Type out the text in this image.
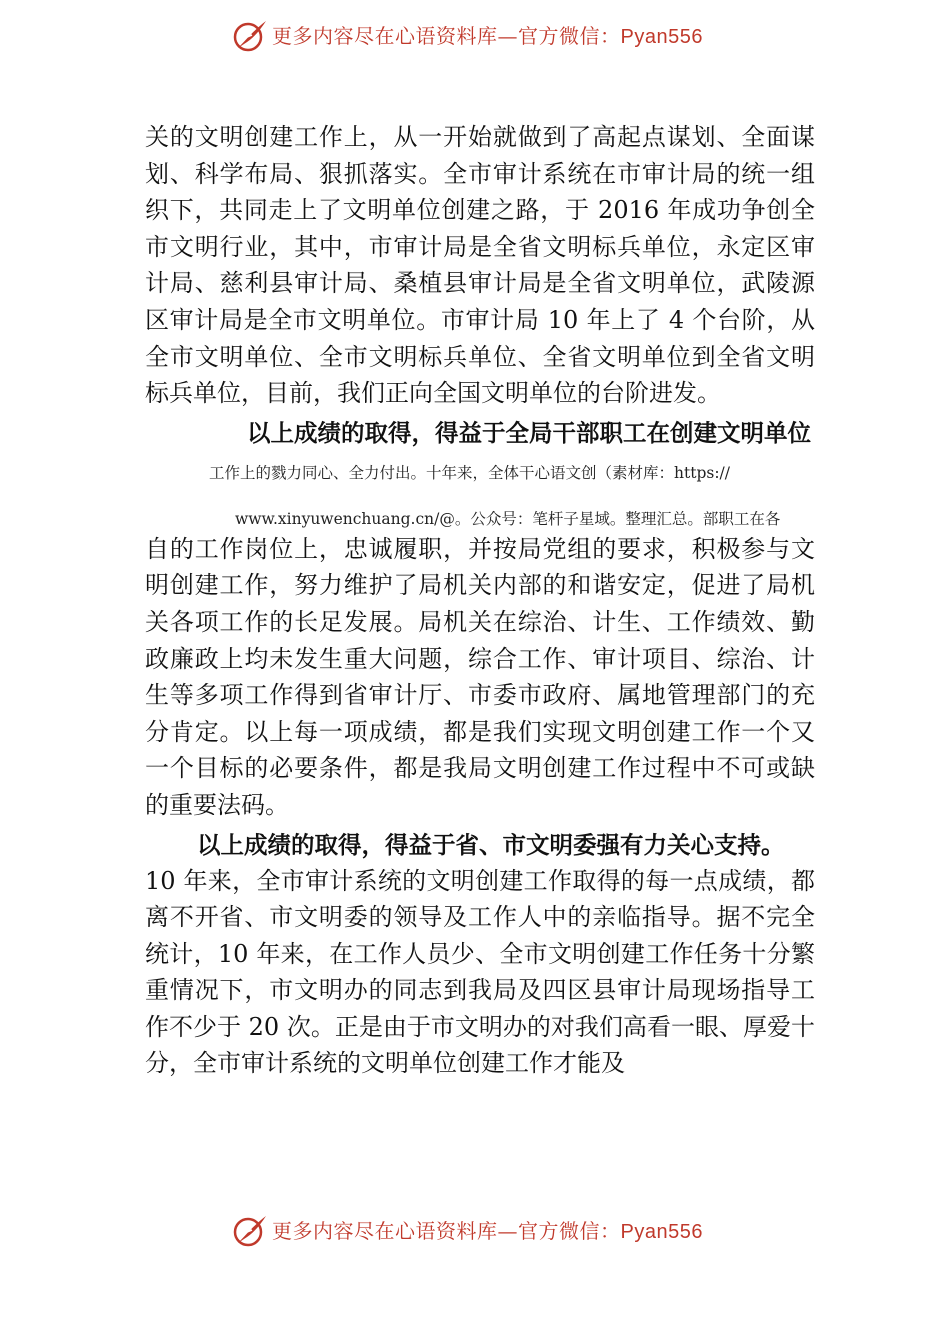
更多内容尽在心语资料库—官方微信：Pyan556

关的文明创建工作上，从一开始就做到了高起点谋划、全面谋划、科学布局、狠抓落实。全市审计系统在市审计局的统一组织下，共同走上了文明单位创建之路，于 2016 年成功争创全市文明行业，其中，市审计局是全省文明标兵单位，永定区审计局、慈利县审计局、桑植县审计局是全省文明单位，武陵源区审计局是全市文明单位。市审计局 10 年上了 4 个台阶，从全市文明单位、全市文明标兵单位、全省文明单位到全省文明标兵单位，目前，我们正向全国文明单位的台阶进发。

以上成绩的取得，得益于全局干部职工在创建文明单位

工作上的戮力同心、全力付出。十年来，全体干心语文创（素材库：https://

www.xinyuwenchuang.cn/@。公众号：笔杆子星域。整理汇总。部职工在各

自的工作岗位上，忠诚履职，并按局党组的要求，积极参与文明创建工作，努力维护了局机关内部的和谐安定，促进了局机关各项工作的长足发展。局机关在综治、计生、工作绩效、勤政廉政上均未发生重大问题，综合工作、审计项目、综治、计生等多项工作得到省审计厅、市委市政府、属地管理部门的充分肯定。以上每一项成绩，都是我们实现文明创建工作一个又一个目标的必要条件，都是我局文明创建工作过程中不可或缺的重要法码。

以上成绩的取得，得益于省、市文明委强有力关心支持。

10 年来，全市审计系统的文明创建工作取得的每一点成绩，都离不开省、市文明委的领导及工作人中的亲临指导。据不完全统计，10 年来，在工作人员少、全市文明创建工作任务十分繁重情况下，市文明办的同志到我局及四区县审计局现场指导工作不少于 20 次。正是由于市文明办的对我们高看一眼、厚爱十分，全市审计系统的文明单位创建工作才能及

更多内容尽在心语资料库—官方微信：Pyan556
